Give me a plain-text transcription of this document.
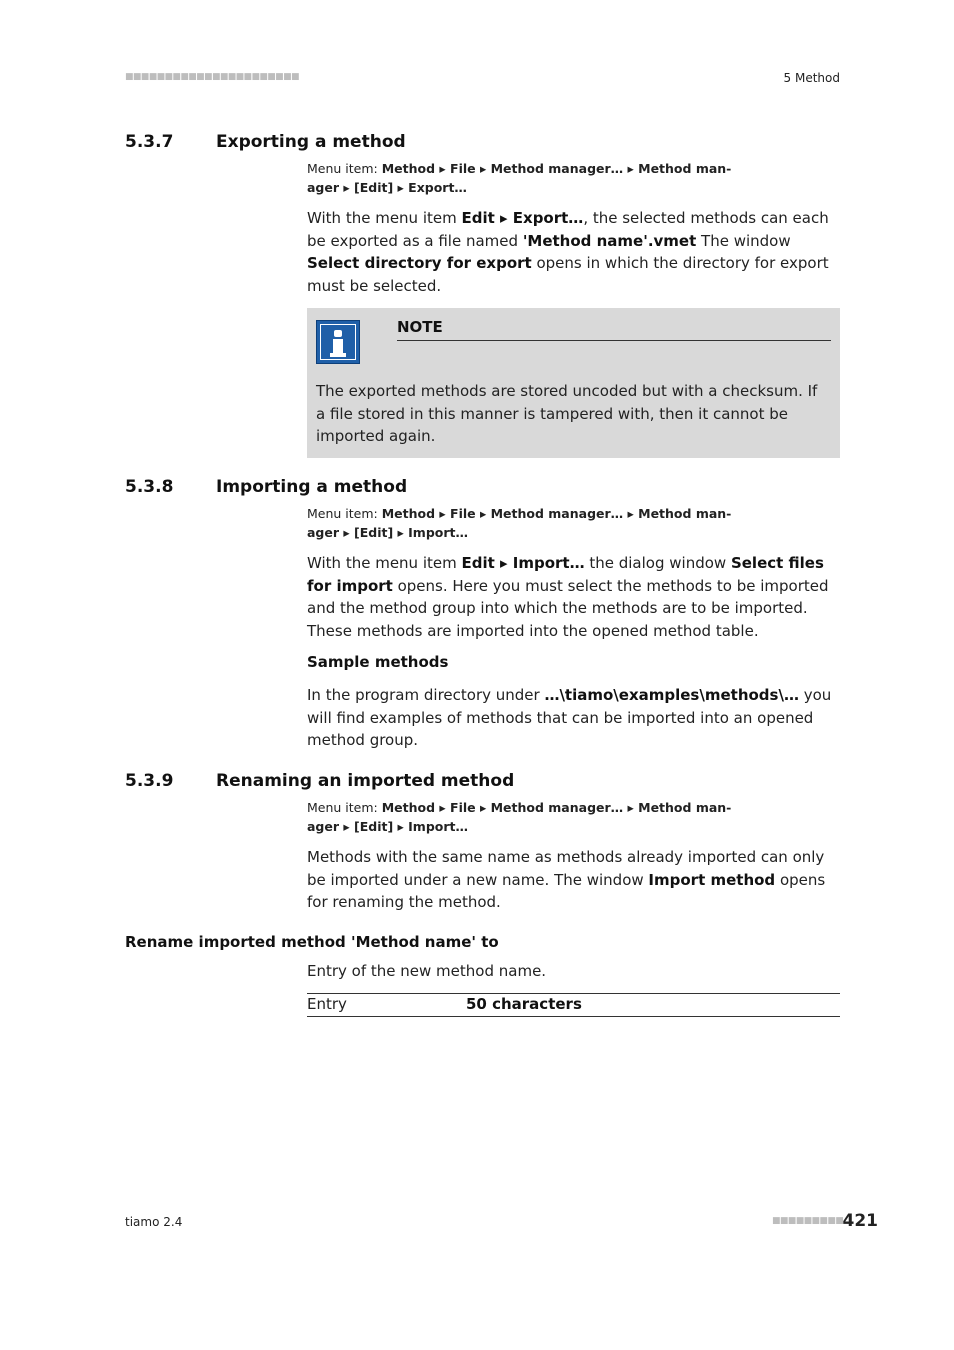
■■■■■■■■■■■■■■■■■■■■■■	5 Method
5.3.7	Exporting a method
Menu item: Method ▸ File ▸ Method manager… ▸ Method man-
ager ▸ [Edit] ▸ Export…
With the menu item Edit ▸ Export…, the selected methods can each be exported as a file named 'Method name'.vmet The window Select directory for export opens in which the directory for export must be selected.
NOTE
The exported methods are stored uncoded but with a checksum. If a file stored in this manner is tampered with, then it cannot be imported again.
5.3.8	Importing a method
Menu item: Method ▸ File ▸ Method manager… ▸ Method man-
ager ▸ [Edit] ▸ Import…
With the menu item Edit ▸ Import… the dialog window Select files for import opens. Here you must select the methods to be imported and the method group into which the methods are to be imported. These methods are imported into the opened method table.
Sample methods
In the program directory under …\tiamo\examples\methods\… you will find examples of methods that can be imported into an opened method group.
5.3.9	Renaming an imported method
Menu item: Method ▸ File ▸ Method manager… ▸ Method man-
ager ▸ [Edit] ▸ Import…
Methods with the same name as methods already imported can only be imported under a new name. The window Import method opens for renaming the method.
Rename imported method 'Method name' to
Entry of the new method name.
Entry	50 characters
tiamo 2.4	■■■■■■■■■ 421
